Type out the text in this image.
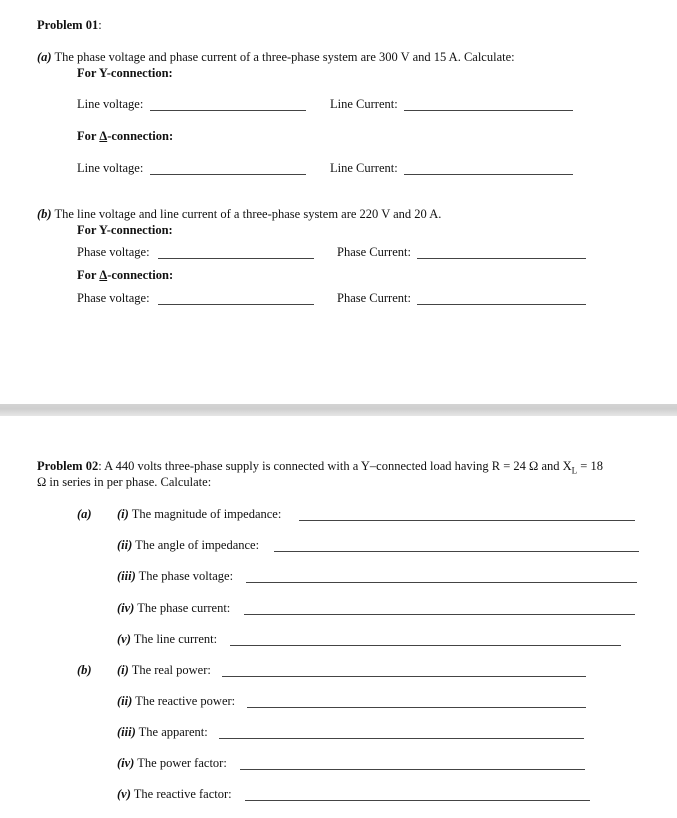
Problem 01:
(a) The phase voltage and phase current of a three-phase system are 300 V and 15 A. Calculate:
For Y-connection:
Line voltage:	Line Current:
For Δ-connection:
Line voltage:	Line Current:
(b) The line voltage and line current of a three-phase system are 220 V and 20 A.
For Y-connection:
Phase voltage:	Phase Current:
For Δ-connection:
Phase voltage:	Phase Current:
Problem 02: A 440 volts three-phase supply is connected with a Y–connected load having R = 24 Ω and $X_L = 18$
Ω in series in per phase. Calculate:
(a) (i) The magnitude of impedance:
(ii) The angle of impedance:
(iii) The phase voltage:
(iv) The phase current:
(v) The line current:
(b) (i) The real power:
(ii) The reactive power:
(iii) The apparent:
(iv) The power factor:
(v) The reactive factor:
